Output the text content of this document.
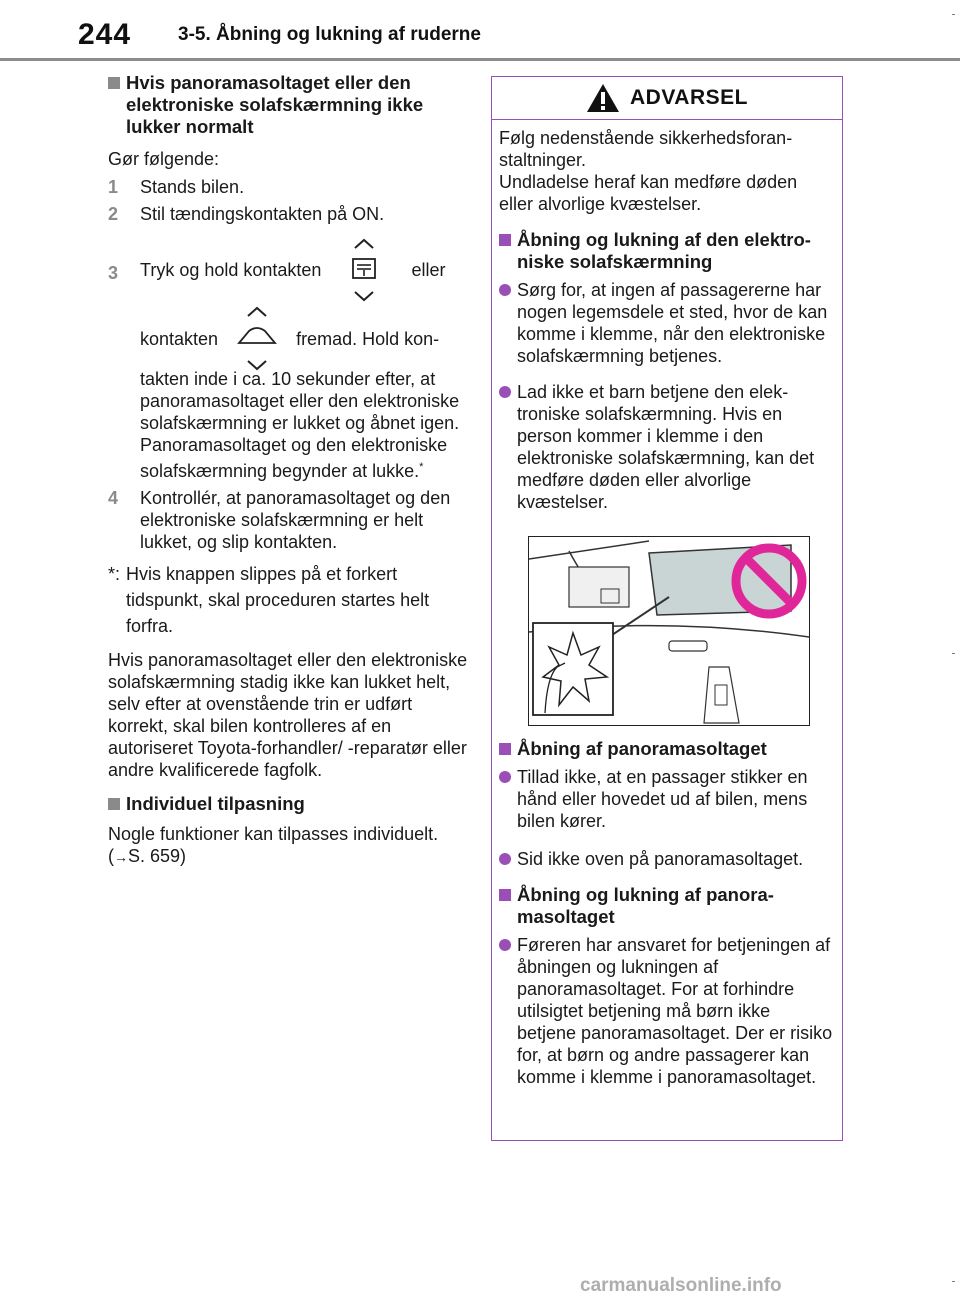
244 3-5. Åbning og lukning af ruderne
Hvis panoramasoltaget eller den elektroniske solafskærmning ikke lukker normalt

Gør følgende:

1	Stands bilen.
2	Stil tændingskontakten på ON.
3	Tryk og hold kontakten	eller
kontakten	fremad. Hold kon-
takten inde i ca. 10 sekunder efter, at panoramasoltaget eller den elektroniske solafskærmning er lukket og åbnet igen. Panoramasoltaget og den elektroniske solafskærmning begynder at lukke.*
4	Kontrollér, at panoramasoltaget og den elektroniske solafskærmning er helt lukket, og slip kontakten.
*: Hvis knappen slippes på et forkert tidspunkt, skal proceduren startes helt forfra.

Hvis panoramasoltaget eller den elektroniske solafskærmning stadig ikke kan lukket helt, selv efter at ovenstående trin er udført korrekt, skal bilen kontrolleres af en autoriseret Toyota-forhandler/ -reparatør eller andre kvalificerede fagfolk.

Individuel tilpasning

Nogle funktioner kan tilpasses individuelt. (→S. 659)

ADVARSEL

Følg nedenstående sikkerhedsforanstaltninger.
Undladelse heraf kan medføre døden eller alvorlige kvæstelser.

Åbning og lukning af den elektroniske solafskærmning
Sørg for, at ingen af passagererne har nogen legemsdele et sted, hvor de kan komme i klemme, når den elektroniske solafskærmning betjenes.
Lad ikke et barn betjene den elektroniske solafskærmning. Hvis en person kommer i klemme i den elektroniske solafskærmning, kan det medføre døden eller alvorlige kvæstelser.
Åbning af panoramasoltaget
Tillad ikke, at en passager stikker en hånd eller hovedet ud af bilen, mens bilen kører.
Sid ikke oven på panoramasoltaget.
Åbning og lukning af panoramasoltaget
Føreren har ansvaret for betjeningen af åbningen og lukningen af panoramasoltaget. For at forhindre utilsigtet betjening må børn ikke betjene panoramasoltaget. Der er risiko for, at børn og andre passagerer kan komme i klemme i panoramasoltaget.
carmanualsonline.info
